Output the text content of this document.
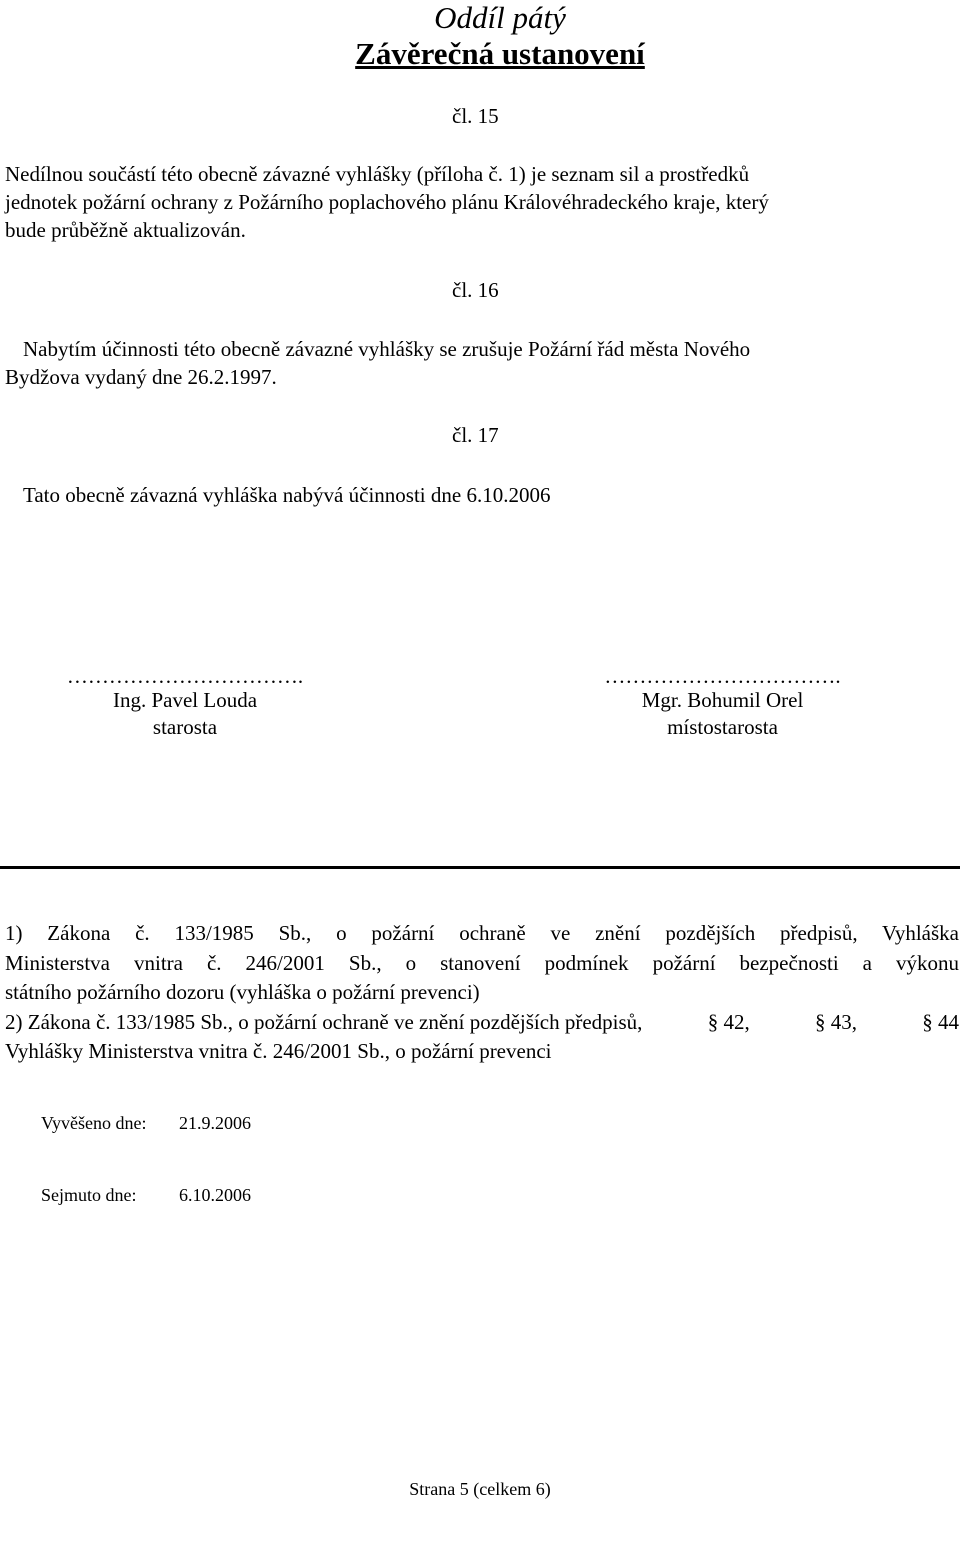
Oddíl pátý
Závěrečná ustanovení
čl. 15
Nedílnou součástí této obecně závazné vyhlášky (příloha č. 1) je seznam sil a prostředků
jednotek požární ochrany z Požárního poplachového plánu Královéhradeckého kraje, který
bude průběžně aktualizován.
čl. 16
Nabytím účinnosti této obecně závazné vyhlášky se zrušuje Požární řád města Nového
Bydžova vydaný dne 26.2.1997.
čl. 17
Tato obecně závazná vyhláška nabývá účinnosti dne 6.10.2006
…………………………….
Ing. Pavel Louda
starosta
…………………………….
Mgr. Bohumil Orel
místostarosta
1) Zákona č. 133/1985 Sb., o požární ochraně ve znění pozdějších předpisů, Vyhláška
Ministerstva vnitra č. 246/2001 Sb., o stanovení podmínek požární bezpečnosti a výkonu
státního požárního dozoru (vyhláška o požární prevenci)
2) Zákona č. 133/1985 Sb., o požární ochraně ve znění pozdějších předpisů,	§ 42,	§ 43,	§ 44
Vyhlášky Ministerstva vnitra č. 246/2001 Sb., o požární prevenci
Vyvěšeno dne: 21.9.2006
Sejmuto dne: 6.10.2006
Strana 5 (celkem 6)
